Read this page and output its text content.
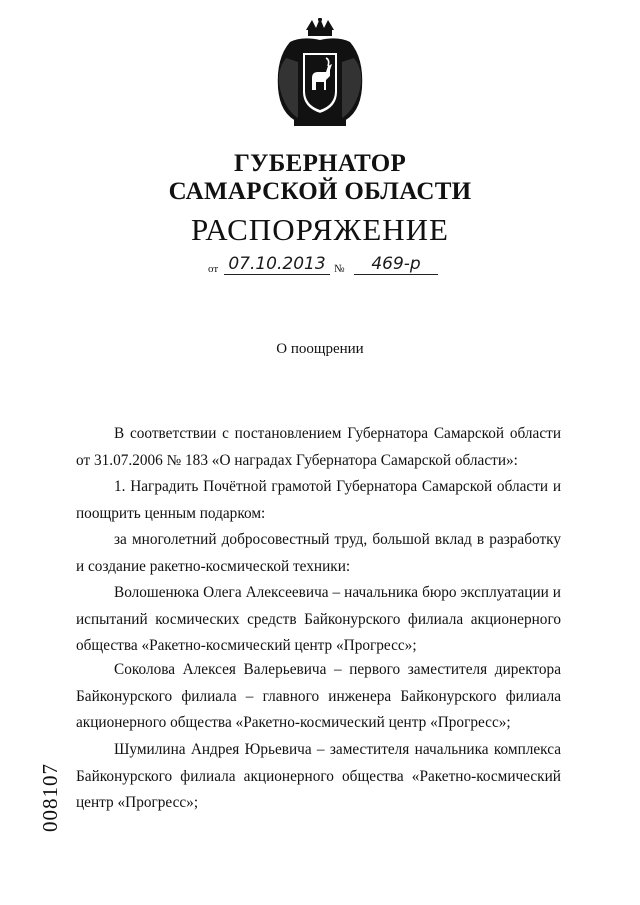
ГУБЕРНАТОР
САМАРСКОЙ ОБЛАСТИ
РАСПОРЯЖЕНИЕ
от 07.10.2013 №	469-р
О поощрении
В соответствии с постановлением Губернатора Самарской области от 31.07.2006 № 183 «О наградах Губернатора Самарской области»:
1. Наградить Почётной грамотой Губернатора Самарской области и поощрить ценным подарком:
за многолетний добросовестный труд, большой вклад в разработку и создание ракетно-космической техники:
Волошенюка Олега Алексеевича – начальника бюро эксплуатации и испытаний космических средств Байконурского филиала акционерного общества «Ракетно-космический центр «Прогресс»;
Соколова Алексея Валерьевича – первого заместителя директора Байконурского филиала – главного инженера Байконурского филиала акционерного общества «Ракетно-космический центр «Прогресс»;
Шумилина Андрея Юрьевича – заместителя начальника комплекса Байконурского филиала акционерного общества «Ракетно-космический центр «Прогресс»;
008107
